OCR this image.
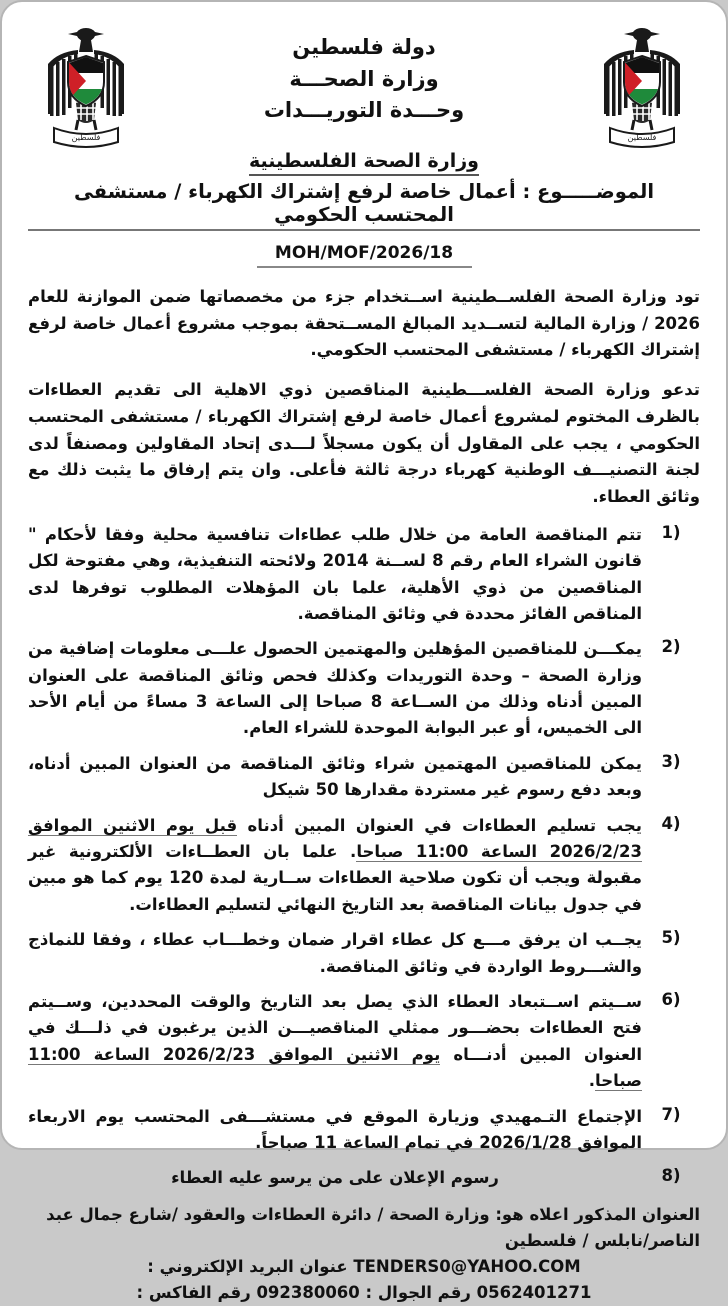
فلسطين	فلسطين
دولة فلسطين
وزارة الصحـــة
وحـــدة التوريـــدات
وزارة الصحة الفلسطينية
الموضـــــوع : أعمال خاصة لرفع إشتراك الكهرباء / مستشفى المحتسب الحكومي
MOH/MOF/2026/18
تود وزارة الصحة الفلســطينية اســتخدام جزء من مخصصاتها ضمن الموازنة للعام 2026 / وزارة المالية لتســديد المبالغ المســتحقة بموجب مشروع أعمال خاصة لرفع إشتراك الكهرباء / مستشفى المحتسب الحكومي.
تدعو وزارة الصحة الفلســـطينية المناقصين ذوي الاهلية الى تقديم العطاءات بالظرف المختوم لمشروع أعمال خاصة لرفع إشتراك الكهرباء / مستشفى المحتسب الحكومي ، يجب على المقاول أن يكون مسجلاً لـــدى إتحاد المقاولين ومصنفاً لدى لجنة التصنيـــف الوطنية كهرباء درجة ثالثة فأعلى. وان يتم إرفاق ما يثبت ذلك مع وثائق العطاء.
1)
تتم المناقصة العامة من خلال طلب عطاءات تنافسية محلية وفقا لأحكام " قانون الشراء العام رقم 8 لســنة 2014 ولائحته التنفيذية، وهي مفتوحة لكل المناقصين من ذوي الأهلية، علما بان المؤهلات المطلوب توفرها لدى المناقص الفائز محددة في وثائق المناقصة.
2)
يمكـــن للمناقصين المؤهلين والمهتمين الحصول علـــى معلومات إضافية من وزارة الصحة – وحدة التوريدات وكذلك فحص وثائق المناقصة على العنوان المبين أدناه وذلك من الســاعة 8 صباحا إلى الساعة 3 مساءً من أيام الأحد الى الخميس، أو عبر البوابة الموحدة للشراء العام.
3)
يمكن للمناقصين المهتمين شراء وثائق المناقصة من العنوان المبين أدناه، وبعد دفع رسوم غير مستردة مقدارها 50 شيكل
4)
يجب تسليم العطاءات في العنوان المبين أدناه قبل يوم الاثنين الموافق 2026/2/23 الساعة 11:00 صباحا. علما بان العطــاءات الألكترونية غير مقبولة ويجب أن تكون صلاحية العطاءات ســارية لمدة 120 يوم كما هو مبين في جدول بيانات المناقصة بعد التاريخ النهائي لتسليم العطاءات.
5)
يجــب ان يرفق مـــع كل عطاء اقرار ضمان وخطـــاب عطاء ، وفقا للنماذج والشـــروط الواردة في وثائق المناقصة.
6)
ســيتم اســتبعاد العطاء الذي يصل بعد التاريخ والوقت المحددين، وســيتم فتح العطاءات بحضـــور ممثلي المناقصيـــن الذين يرغبون في ذلـــك في العنوان المبين أدنـــاه يوم الاثنين الموافق 2026/2/23 الساعة 11:00 صباحا.
7)
الإجتماع التـمهيدي وزيارة الموقع في مستشـــفى المحتسب يوم الاربعاء الموافق 2026/1/28 في تمام الساعة 11 صباحاً.
8)
رسوم الإعلان على من يرسو عليه العطاء
العنوان المذكور اعلاه هو: وزارة الصحة / دائرة العطاءات والعقود /شارع جمال عبد الناصر/نابلس / فلسطين
TENDERS0@YAHOO.COM عنوان البريد الإلكتروني :
0562401271 رقم الجوال : 092380060 رقم الفاكس :
